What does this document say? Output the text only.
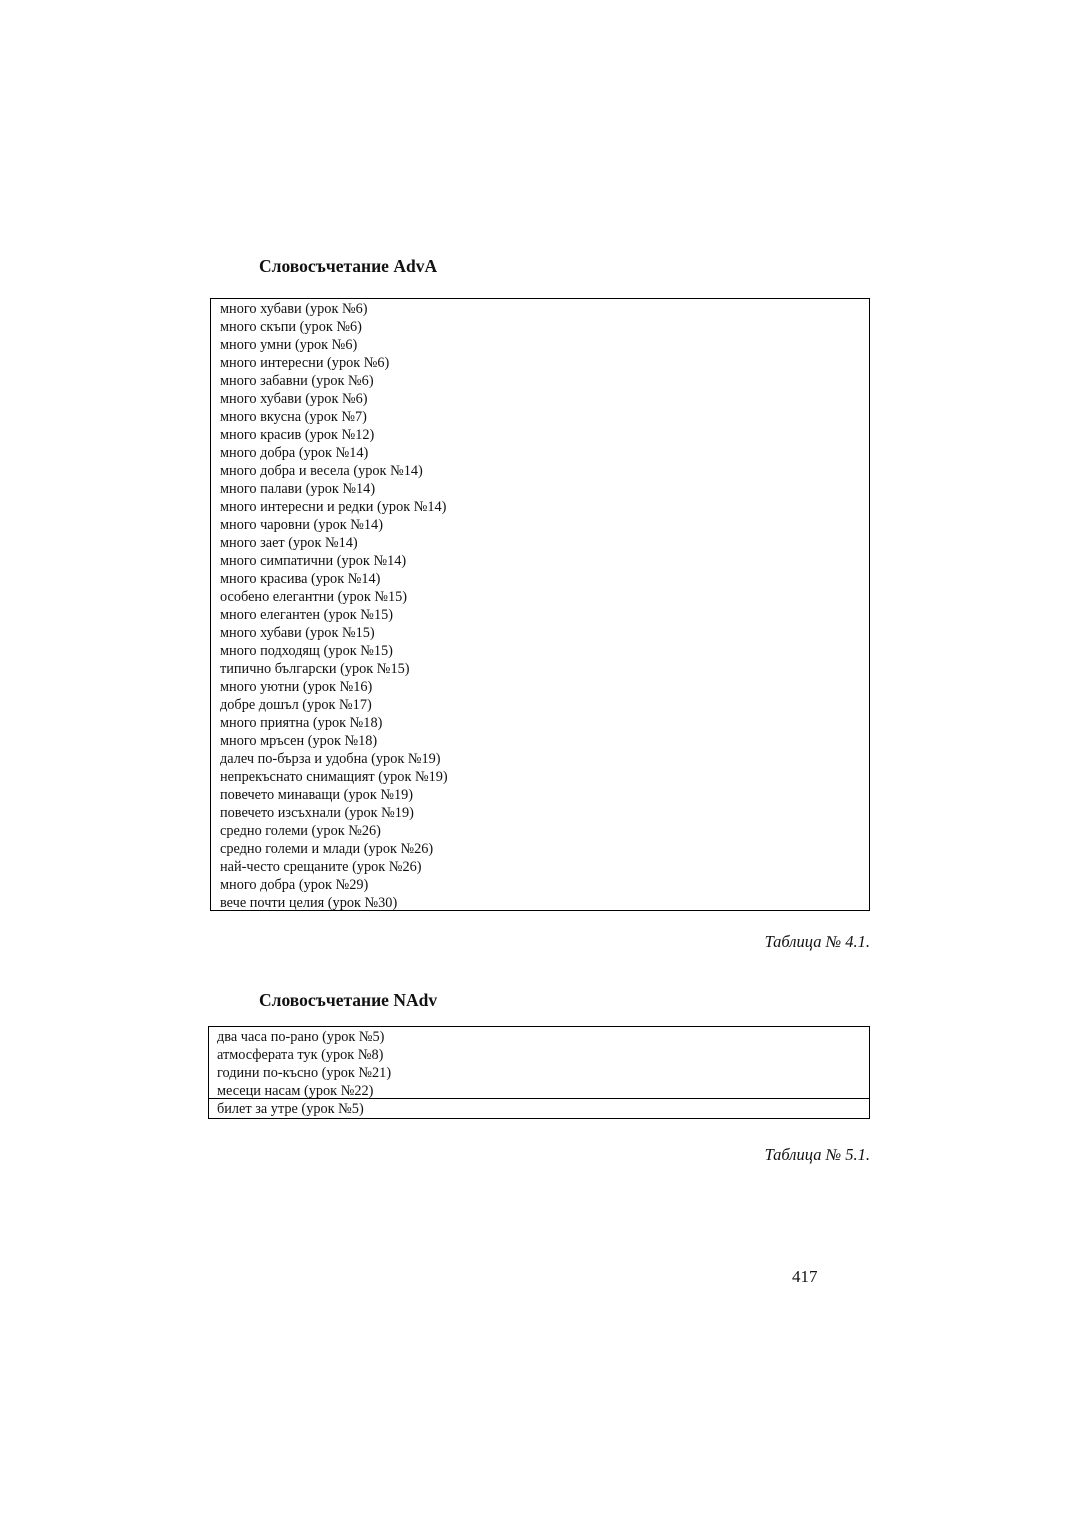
Словосъчетание AdvA
много хубави (урок №6)
много скъпи (урок №6)
много умни (урок №6)
много интересни (урок №6)
много забавни (урок №6)
много хубави (урок №6)
много вкусна (урок №7)
много красив (урок №12)
много добра (урок №14)
много добра и весела (урок №14)
много палави (урок №14)
много интересни и редки (урок №14)
много чаровни (урок №14)
много зает (урок №14)
много симпатични (урок №14)
много красива (урок №14)
особено елегантни (урок №15)
много елегантен (урок №15)
много хубави (урок №15)
много подходящ (урок №15)
типично български (урок №15)
много уютни (урок №16)
добре дошъл (урок №17)
много приятна (урок №18)
много мръсен (урок №18)
далеч по-бърза и удобна (урок №19)
непрекъснато снимащият (урок №19)
повечето минаващи (урок №19)
повечето изсъхнали (урок №19)
средно големи (урок №26)
средно големи и млади (урок №26)
най-често срещаните (урок №26)
много добра (урок №29)
вече почти целия (урок №30)

Таблица № 4.1.

Словосъчетание NAdv
два часа по-рано (урок №5)
атмосферата тук (урок №8)
години по-късно (урок №21)
месеци насам (урок №22)
билет за утре (урок №5)

Таблица № 5.1.

417
